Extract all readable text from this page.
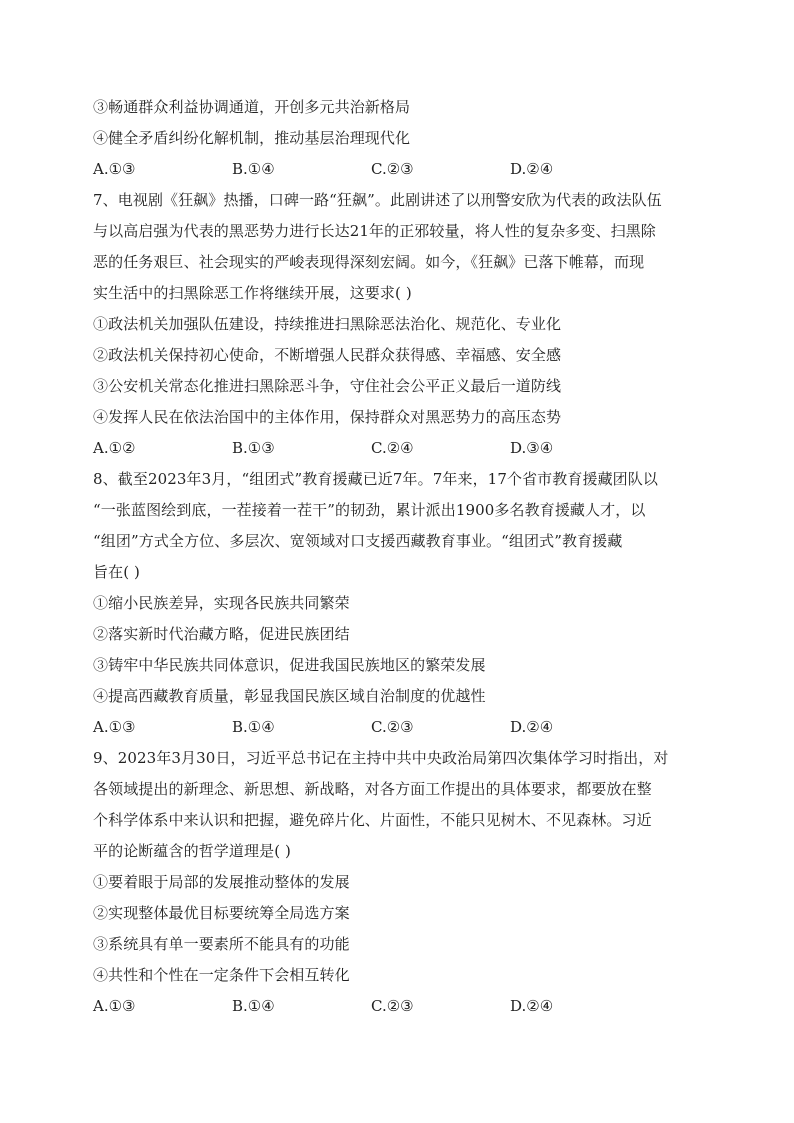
③畅通群众利益协调通道，开创多元共治新格局
④健全矛盾纠纷化解机制，推动基层治理现代化
A.①③	B.①④	C.②③	D.②④
7、电视剧《狂飙》热播，口碑一路“狂飙”。此剧讲述了以刑警安欣为代表的政法队伍
与以高启强为代表的黑恶势力进行长达21年的正邪较量，将人性的复杂多变、扫黑除
恶的任务艰巨、社会现实的严峻表现得深刻宏阔。如今，《狂飙》已落下帷幕，而现
实生活中的扫黑除恶工作将继续开展，这要求( )
①政法机关加强队伍建设，持续推进扫黑除恶法治化、规范化、专业化
②政法机关保持初心使命，不断增强人民群众获得感、幸福感、安全感
③公安机关常态化推进扫黑除恶斗争，守住社会公平正义最后一道防线
④发挥人民在依法治国中的主体作用，保持群众对黑恶势力的高压态势
A.①②	B.①③	C.②④	D.③④
8、截至2023年3月，“组团式”教育援藏已近7年。7年来，17个省市教育援藏团队以
“一张蓝图绘到底，一茬接着一茬干”的韧劲，累计派出1900多名教育援藏人才，以
“组团”方式全方位、多层次、宽领域对口支援西藏教育事业。“组团式”教育援藏
旨在( )
①缩小民族差异，实现各民族共同繁荣
②落实新时代治藏方略，促进民族团结
③铸牢中华民族共同体意识，促进我国民族地区的繁荣发展
④提高西藏教育质量，彰显我国民族区域自治制度的优越性
A.①③	B.①④	C.②③	D.②④
9、2023年3月30日，习近平总书记在主持中共中央政治局第四次集体学习时指出，对
各领域提出的新理念、新思想、新战略，对各方面工作提出的具体要求，都要放在整
个科学体系中来认识和把握，避免碎片化、片面性，不能只见树木、不见森林。习近
平的论断蕴含的哲学道理是( )
①要着眼于局部的发展推动整体的发展
②实现整体最优目标要统筹全局选方案
③系统具有单一要素所不能具有的功能
④共性和个性在一定条件下会相互转化
A.①③	B.①④	C.②③	D.②④
